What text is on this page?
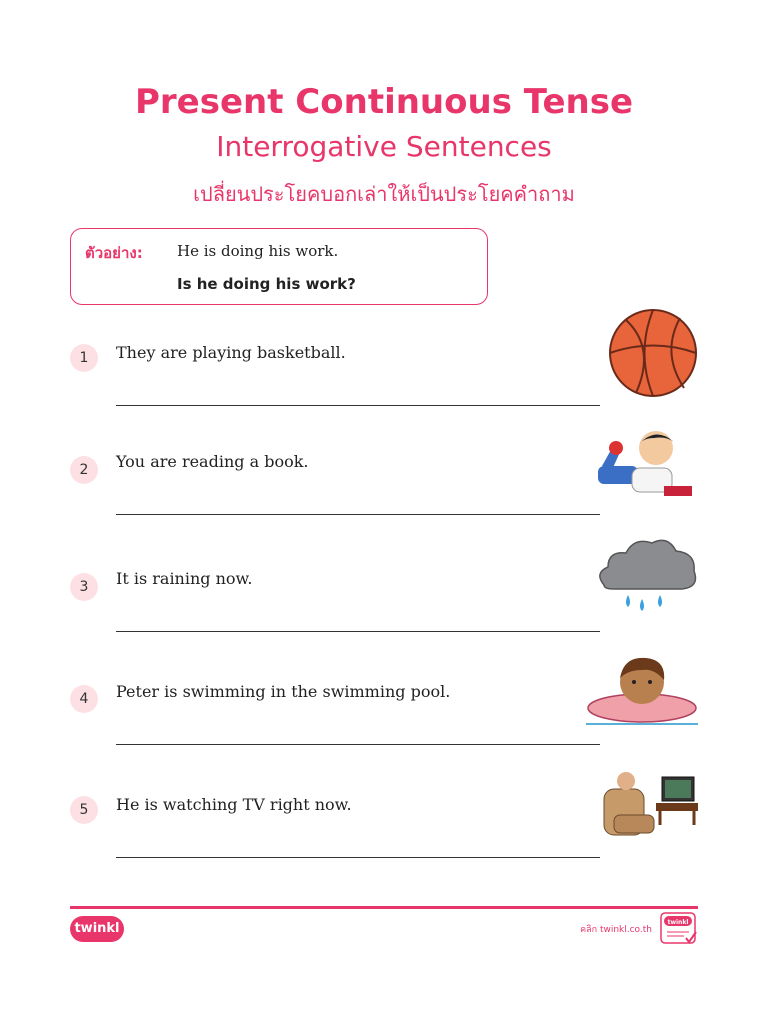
Present Continuous Tense
Interrogative Sentences
เปลี่ยนประโยคบอกเล่าให้เป็นประโยคคำถาม
ตัวอย่าง: He is doing his work.
Is he doing his work?
1	They are playing basketball.
2	You are reading a book.
3	It is raining now.
4	Peter is swimming in the swimming pool.
5	He is watching TV right now.
twinkl	คลิก twinkl.co.th
twinkl
